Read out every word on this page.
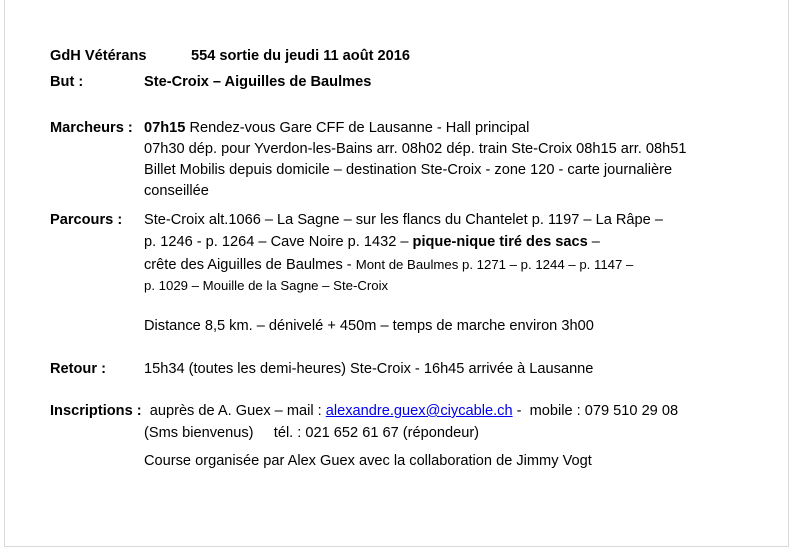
GdH Vétérans	554 sortie du jeudi 11 août 2016
But :	Ste-Croix – Aiguilles de Baulmes
Marcheurs : 07h15 Rendez-vous Gare CFF de Lausanne - Hall principal
07h30 dép. pour Yverdon-les-Bains arr. 08h02 dép. train Ste-Croix 08h15 arr. 08h51
Billet Mobilis depuis domicile – destination Ste-Croix - zone 120 - carte journalière
conseillée
Parcours : Ste-Croix alt.1066 – La Sagne – sur les flancs du Chantelet p. 1197 – La Râpe –
p. 1246 - p. 1264 – Cave Noire p. 1432 – pique-nique tiré des sacs –
crête des Aiguilles de Baulmes - Mont de Baulmes p. 1271 – p. 1244 – p. 1147 –
p. 1029 – Mouille de la Sagne – Ste-Croix
Distance 8,5 km. – dénivelé + 450m – temps de marche environ 3h00
Retour :	15h34 (toutes les demi-heures) Ste-Croix - 16h45 arrivée à Lausanne
Inscriptions :  auprès de A. Guex – mail : alexandre.guex@ciycable.ch -  mobile : 079 510 29 08
(Sms bienvenus)     tél. : 021 652 61 67 (répondeur)
Course organisée par Alex Guex avec la collaboration de Jimmy Vogt
